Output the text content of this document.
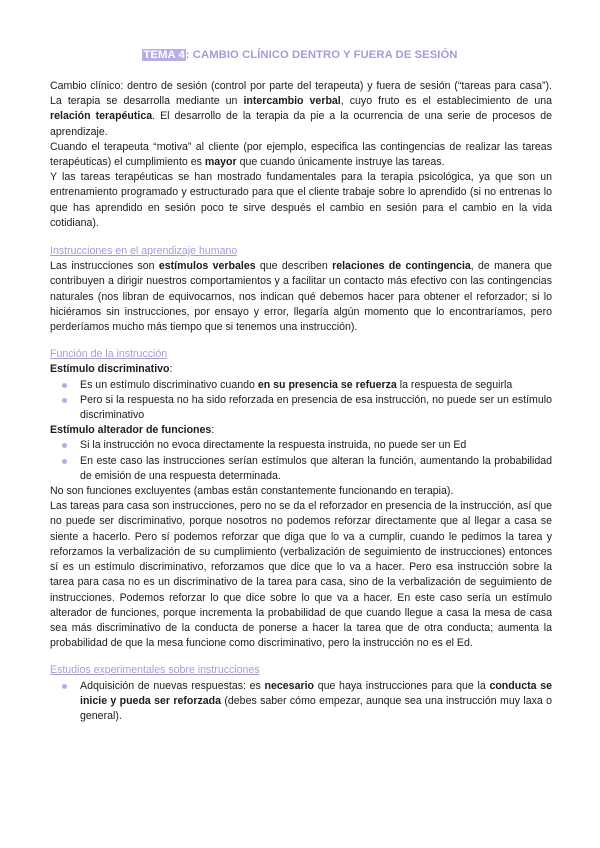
TEMA 4: CAMBIO CLÍNICO DENTRO Y FUERA DE SESIÓN

Cambio clínico: dentro de sesión (control por parte del terapeuta) y fuera de sesión (“tareas para casa”). La terapia se desarrolla mediante un intercambio verbal, cuyo fruto es el establecimiento de una relación terapéutica. El desarrollo de la terapia da pie a la ocurrencia de una serie de procesos de aprendizaje.

Cuando el terapeuta “motiva” al cliente (por ejemplo, especifica las contingencias de realizar las tareas terapéuticas) el cumplimiento es mayor que cuando únicamente instruye las tareas.

Y las tareas terapéuticas se han mostrado fundamentales para la terapia psicológica, ya que son un entrenamiento programado y estructurado para que el cliente trabaje sobre lo aprendido (si no entrenas lo que has aprendido en sesión poco te sirve después el cambio en sesión para el cambio en la vida cotidiana).

Instrucciones en el aprendizaje humano

Las instrucciones son estímulos verbales que describen relaciones de contingencia, de manera que contribuyen a dirigir nuestros comportamientos y a facilitar un contacto más efectivo con las contingencias naturales (nos libran de equivocarnos, nos indican qué debemos hacer para obtener el reforzador; si lo hiciéramos sin instrucciones, por ensayo y error, llegaría algún momento que lo encontraríamos, pero perderíamos mucho más tiempo que si tenemos una instrucción).

Función de la instrucción

Estímulo discriminativo:

Es un estímulo discriminativo cuando en su presencia se refuerza la respuesta de seguirla
Pero si la respuesta no ha sido reforzada en presencia de esa instrucción, no puede ser un estímulo discriminativo

Estímulo alterador de funciones:

Si la instrucción no evoca directamente la respuesta instruida, no puede ser un Ed
En este caso las instrucciones serían estímulos que alteran la función, aumentando la probabilidad de emisión de una respuesta determinada.

No son funciones excluyentes (ambas están constantemente funcionando en terapia).

Las tareas para casa son instrucciones, pero no se da el reforzador en presencia de la instrucción, así que no puede ser discriminativo, porque nosotros no podemos reforzar directamente que al llegar a casa se siente a hacerlo. Pero sí podemos reforzar que diga que lo va a cumplir, cuando le pedimos la tarea y reforzamos la verbalización de su cumplimiento (verbalización de seguimiento de instrucciones) entonces sí es un estímulo discriminativo, reforzamos que dice que lo va a hacer. Pero esa instrucción sobre la tarea para casa no es un discriminativo de la tarea para casa, sino de la verbalización de seguimiento de instrucciones. Podemos reforzar lo que dice sobre lo que va a hacer. En este caso sería un estímulo alterador de funciones, porque incrementa la probabilidad de que cuando llegue a casa la mesa de casa sea más discriminativo de la conducta de ponerse a hacer la tarea que de otra conducta; aumenta la probabilidad de que la mesa funcione como discriminativo, pero la instrucción no es el Ed.

Estudios experimentales sobre instrucciones

Adquisición de nuevas respuestas: es necesario que haya instrucciones para que la conducta se inicie y pueda ser reforzada (debes saber cómo empezar, aunque sea una instrucción muy laxa o general).
